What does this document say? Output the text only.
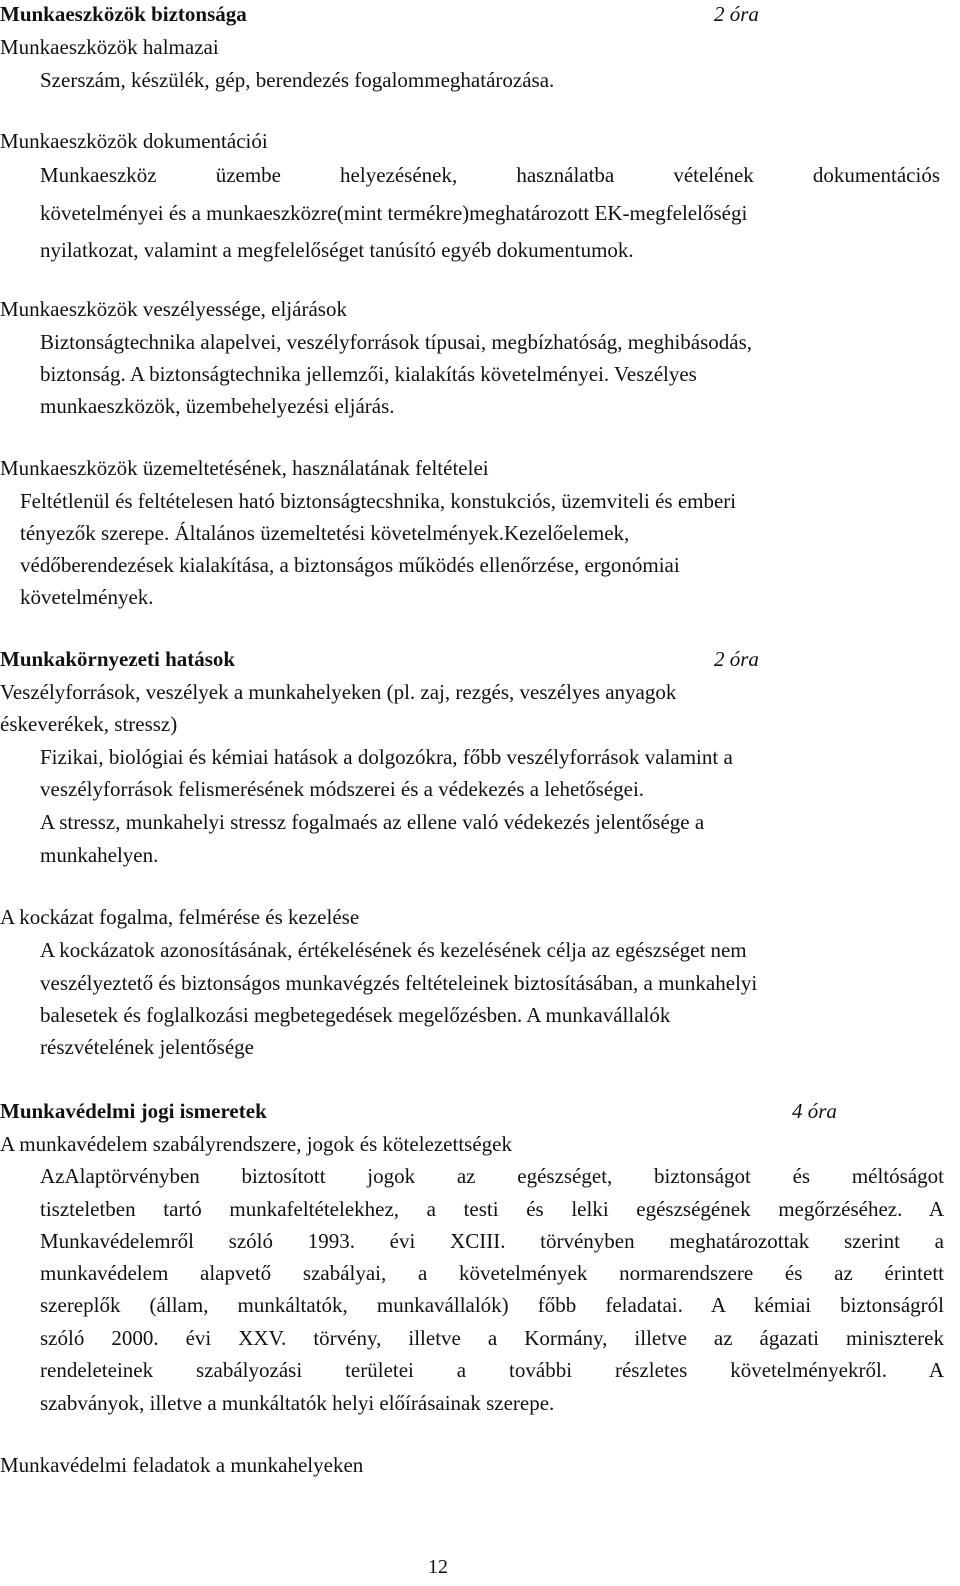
Munkaeszközök biztonsága	2 óra
Munkaeszközök halmazai
Szerszám, készülék, gép, berendezés fogalommeghatározása.
Munkaeszközök dokumentációi
Munkaeszköz üzembe helyezésének, használatba vételének dokumentációs
követelményei és a munkaeszközre(mint termékre)meghatározott EK-megfelelőségi
nyilatkozat, valamint a megfelelőséget tanúsító egyéb dokumentumok.
Munkaeszközök veszélyessége, eljárások
Biztonságtechnika alapelvei, veszélyforrások típusai, megbízhatóság, meghibásodás,
biztonság. A biztonságtechnika jellemzői, kialakítás követelményei. Veszélyes
munkaeszközök, üzembehelyezési eljárás.
Munkaeszközök üzemeltetésének, használatának feltételei
Feltétlenül és feltételesen ható biztonságtecshnika, konstukciós, üzemviteli és emberi
tényezők szerepe. Általános üzemeltetési követelmények.Kezelőelemek,
védőberendezések kialakítása, a biztonságos működés ellenőrzése, ergonómiai
követelmények.
Munkakörnyezeti hatások	2 óra
Veszélyforrások, veszélyek a munkahelyeken (pl. zaj, rezgés, veszélyes anyagok
éskeverékek, stressz)
Fizikai, biológiai és kémiai hatások a dolgozókra, főbb veszélyforrások valamint a
veszélyforrások felismerésének módszerei és a védekezés a lehetőségei.
A stressz, munkahelyi stressz fogalmaés az ellene való védekezés jelentősége a
munkahelyen.
A kockázat fogalma, felmérése és kezelése
A kockázatok azonosításának, értékelésének és kezelésének célja az egészséget nem
veszélyeztető és biztonságos munkavégzés feltételeinek biztosításában, a munkahelyi
balesetek és foglalkozási megbetegedések megelőzésben. A munkavállalók
részvételének jelentősége
Munkavédelmi jogi ismeretek	4 óra
A munkavédelem szabályrendszere, jogok és kötelezettségek
AzAlaptörvényben biztosított jogok az egészséget, biztonságot és méltóságot
tiszteletben tartó munkafeltételekhez, a testi és lelki egészségének megőrzéséhez. A
Munkavédelemről szóló 1993. évi XCIII. törvényben meghatározottak szerint a
munkavédelem alapvető szabályai, a követelmények normarendszere és az érintett
szereplők (állam, munkáltatók, munkavállalók) főbb feladatai. A kémiai biztonságról
szóló 2000. évi XXV. törvény, illetve a Kormány, illetve az ágazati miniszterek
rendeleteinek szabályozási területei a további részletes követelményekről. A
szabványok, illetve a munkáltatók helyi előírásainak szerepe.
Munkavédelmi feladatok a munkahelyeken
12
